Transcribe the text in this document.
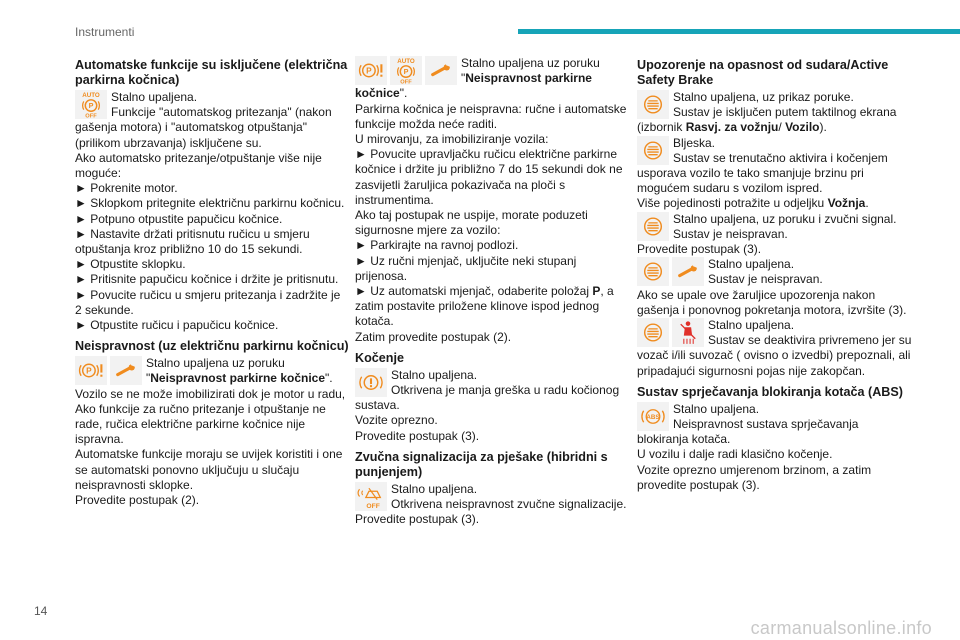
Instrumenti
Automatske funkcije su isključene (električna parkirna kočnica)

Stalno upaljena.
Funkcije "automatskog pritezanja" (nakon gašenja motora) i "automatskog otpuštanja" (prilikom ubrzavanja) isključene su.
Ako automatsko pritezanje/otpuštanje više nije moguće:
► Pokrenite motor.
► Sklopkom pritegnite električnu parkirnu kočnicu.
► Potpuno otpustite papučicu kočnice.
► Nastavite držati pritisnutu ručicu u smjeru otpuštanja kroz približno 10 do 15 sekundi.
► Otpustite sklopku.
► Pritisnite papučicu kočnice i držite je pritisnutu.
► Povucite ručicu u smjeru pritezanja i zadržite je 2 sekunde.
► Otpustite ručicu i papučicu kočnice.

Neispravnost (uz električnu parkirnu kočnicu)

Stalno upaljena uz poruku
"Neispravnost parkirne kočnice".
Vozilo se ne može imobilizirati dok je motor u radu,
Ako funkcije za ručno pritezanje i otpuštanje ne rade, ručica električne parkirne kočnice nije ispravna.
Automatske funkcije moraju se uvijek koristiti i one se automatski ponovno uključuju u slučaju neispravnosti sklopke.
Provedite postupak (2).

Stalno upaljena uz poruku
"Neispravnost parkirne kočnice".
Parkirna kočnica je neispravna: ručne i automatske funkcije možda neće raditi.
U mirovanju, za imobiliziranje vozila:
► Povucite upravljačku ručicu električne parkirne kočnice i držite ju približno 7 do 15 sekundi dok ne zasvijetli žaruljica pokazivača na ploči s instrumentima.
Ako taj postupak ne uspije, morate poduzeti sigurnosne mjere za vozilo:
► Parkirajte na ravnoj podlozi.
► Uz ručni mjenjač, uključite neki stupanj prijenosa.
► Uz automatski mjenjač, odaberite položaj P, a zatim postavite priložene klinove ispod jednog kotača.
Zatim provedite postupak (2).

Kočenje

Stalno upaljena.
Otkrivena je manja greška u radu kočionog sustava.
Vozite oprezno.
Provedite postupak (3).

Zvučna signalizacija za pješake (hibridni s punjenjem)

Stalno upaljena.
Otkrivena neispravnost zvučne signalizacije.
Provedite postupak (3).

Upozorenje na opasnost od sudara/Active Safety Brake

Stalno upaljena, uz prikaz poruke.
Sustav je isključen putem taktilnog ekrana (izbornik Rasvj. za vožnju/ Vozilo).

Bljeska.
Sustav se trenutačno aktivira i kočenjem usporava vozilo te tako smanjuje brzinu pri mogućem sudaru s vozilom ispred.
Više pojedinosti potražite u odjeljku Vožnja.

Stalno upaljena, uz poruku i zvučni signal.
Sustav je neispravan.
Provedite postupak (3).

Stalno upaljena.
Sustav je neispravan.
Ako se upale ove žaruljice upozorenja nakon gašenja i ponovnog pokretanja motora, izvršite (3).

Stalno upaljena.
Sustav se deaktivira privremeno jer su vozač i/ili suvozač ( ovisno o izvedbi) prepoznali, ali pripadajući sigurnosni pojas nije zakopčan.

Sustav sprječavanja blokiranja kotača (ABS)

Stalno upaljena.
Neispravnost sustava sprječavanja blokiranja kotača.
U vozilu i dalje radi klasično kočenje.
Vozite oprezno umjerenom brzinom, a zatim provedite postupak (3).

14
carmanualsonline.info
